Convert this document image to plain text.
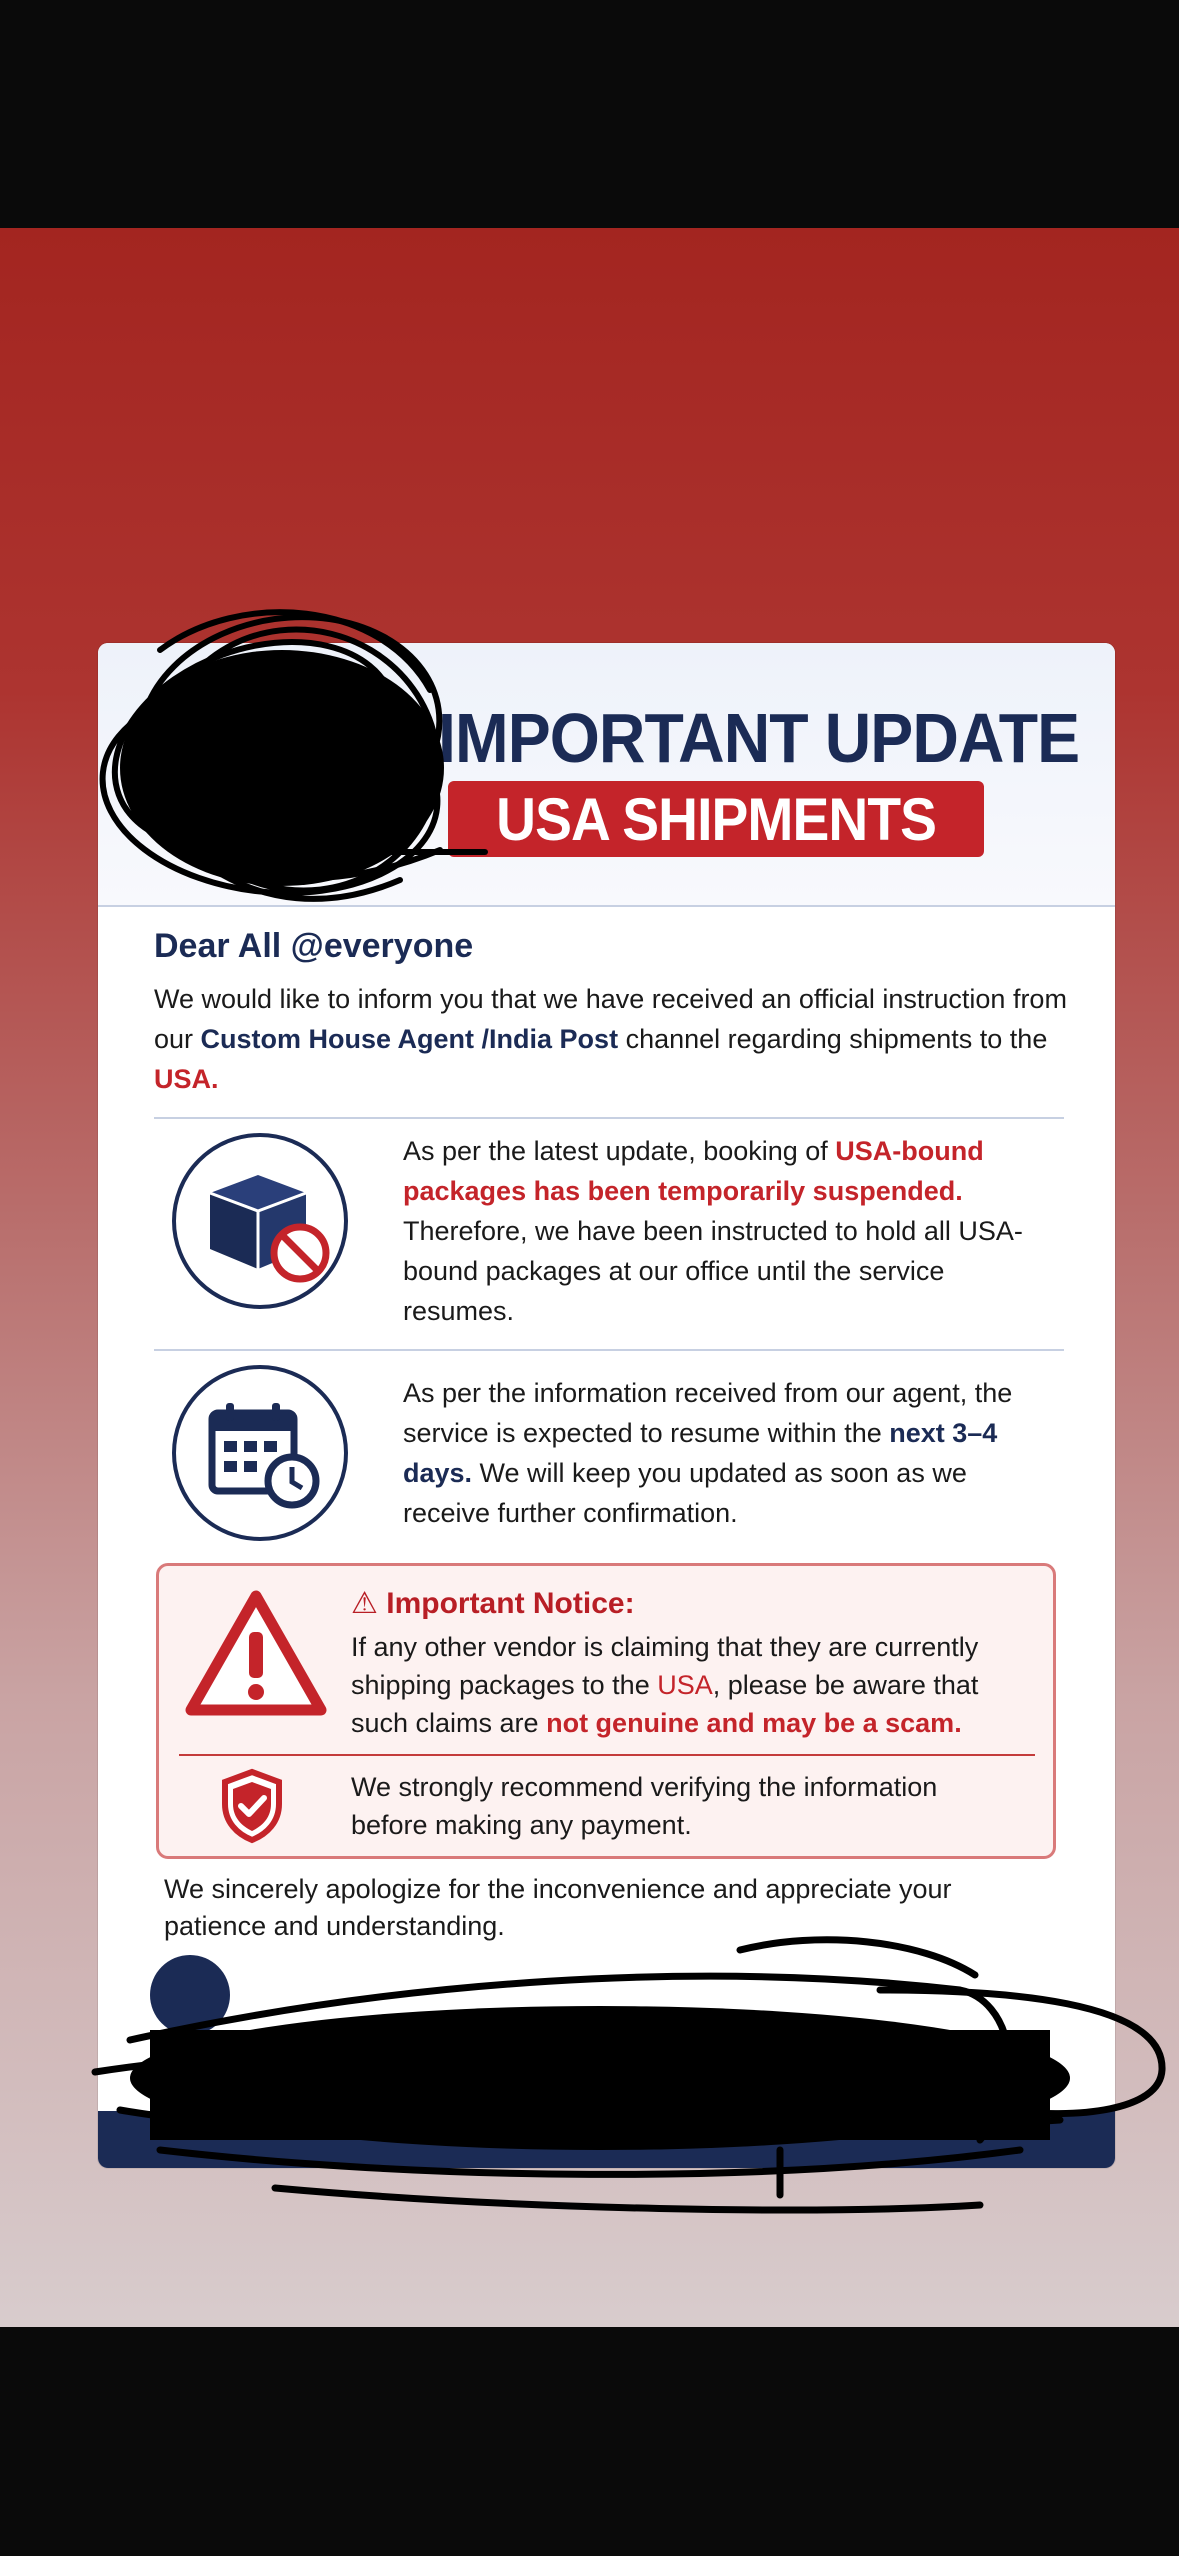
IMPORTANT UPDATE
USA SHIPMENTS
Dear All @everyone
We would like to inform you that we have received an official instruction from our Custom House Agent /India Post channel regarding shipments to the USA.
As per the latest update, booking of USA-bound packages has been temporarily suspended. Therefore, we have been instructed to hold all USA-bound packages at our office until the service resumes.
As per the information received from our agent, the service is expected to resume within the next 3–4 days. We will keep you updated as soon as we receive further confirmation.
⚠ Important Notice:
If any other vendor is claiming that they are currently shipping packages to the USA, please be aware that such claims are not genuine and may be a scam.
We strongly recommend verifying the information before making any payment.
We sincerely apologize for the inconvenience and appreciate your patience and understanding.
